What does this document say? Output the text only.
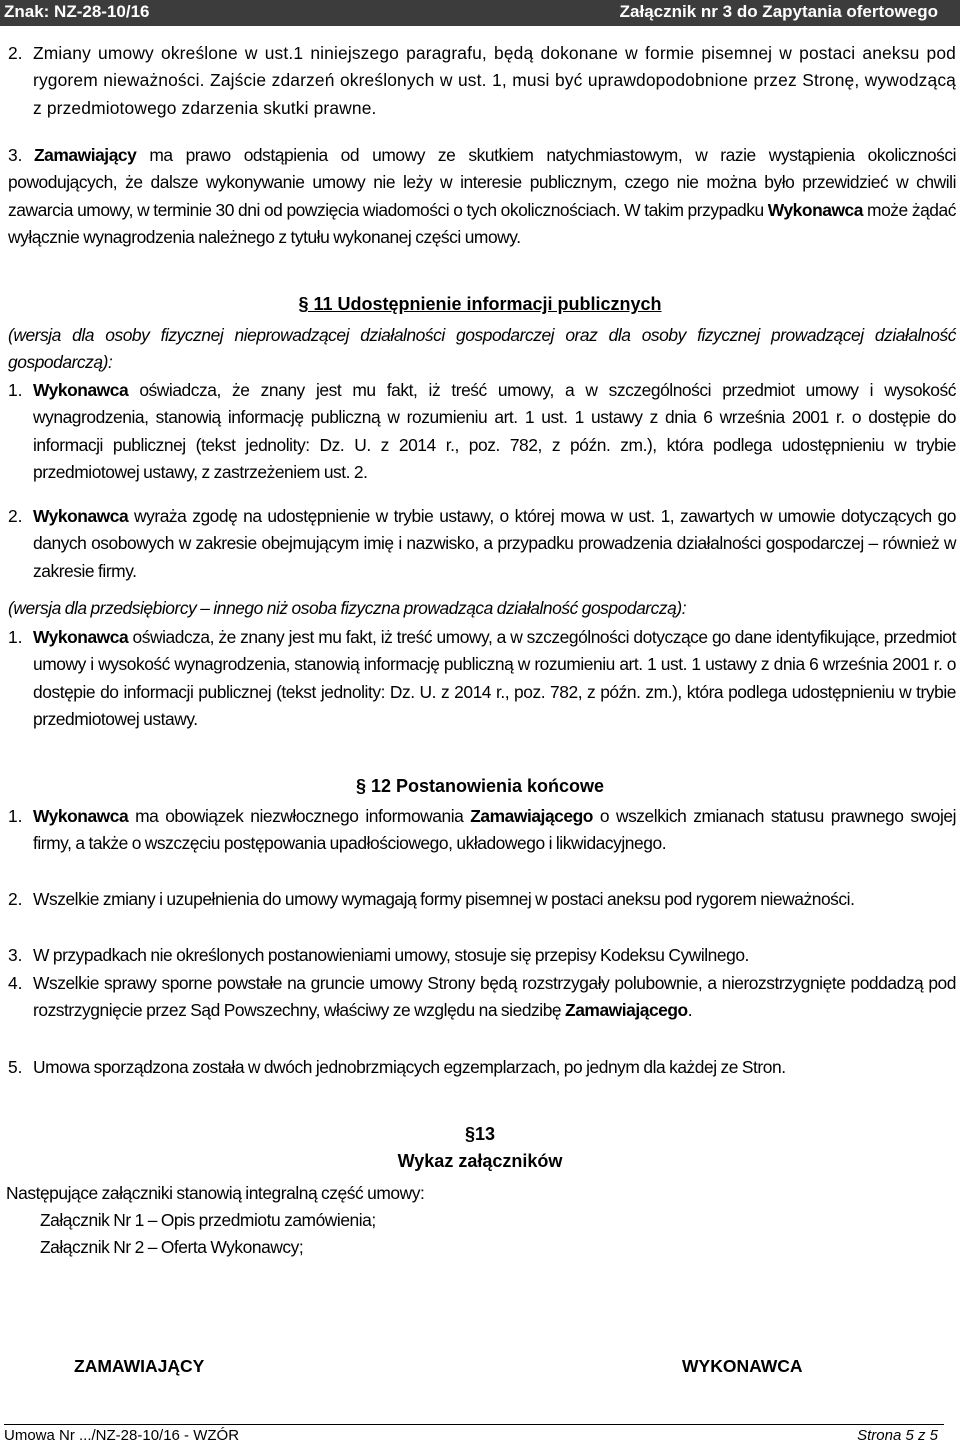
Znak: NZ-28-10/16	Załącznik nr 3 do Zapytania ofertowego
2. Zmiany umowy określone w ust.1 niniejszego paragrafu, będą dokonane w formie pisemnej w postaci aneksu pod rygorem nieważności. Zajście zdarzeń określonych w ust. 1, musi być uprawdopodobnione przez Stronę, wywodzącą z przedmiotowego zdarzenia skutki prawne.
3. Zamawiający ma prawo odstąpienia od umowy ze skutkiem natychmiastowym, w razie wystąpienia okoliczności powodujących, że dalsze wykonywanie umowy nie leży w interesie publicznym, czego nie można było przewidzieć w chwili zawarcia umowy, w terminie 30 dni od powzięcia wiadomości o tych okolicznościach. W takim przypadku Wykonawca może żądać wyłącznie wynagrodzenia należnego z tytułu wykonanej części umowy.
§ 11 Udostępnienie informacji publicznych
(wersja dla osoby fizycznej nieprowadzącej działalności gospodarczej oraz dla osoby fizycznej prowadzącej działalność gospodarczą):
1. Wykonawca oświadcza, że znany jest mu fakt, iż treść umowy, a w szczególności przedmiot umowy i wysokość wynagrodzenia, stanowią informację publiczną w rozumieniu art. 1 ust. 1 ustawy z dnia 6 września 2001 r. o dostępie do informacji publicznej (tekst jednolity: Dz. U. z 2014 r., poz. 782, z późn. zm.), która podlega udostępnieniu w trybie przedmiotowej ustawy, z zastrzeżeniem ust. 2.
2. Wykonawca wyraża zgodę na udostępnienie w trybie ustawy, o której mowa w ust. 1, zawartych w umowie dotyczących go danych osobowych w zakresie obejmującym imię i nazwisko, a przypadku prowadzenia działalności gospodarczej – również w zakresie firmy.
(wersja dla przedsiębiorcy – innego niż osoba fizyczna prowadząca działalność gospodarczą):
1. Wykonawca oświadcza, że znany jest mu fakt, iż treść umowy, a w szczególności dotyczące go dane identyfikujące, przedmiot umowy i wysokość wynagrodzenia, stanowią informację publiczną w rozumieniu art. 1 ust. 1 ustawy z dnia 6 września 2001 r. o dostępie do informacji publicznej (tekst jednolity: Dz. U. z 2014 r., poz. 782, z późn. zm.), która podlega udostępnieniu w trybie przedmiotowej ustawy.
§ 12 Postanowienia końcowe
1. Wykonawca ma obowiązek niezwłocznego informowania Zamawiającego o wszelkich zmianach statusu prawnego swojej firmy, a także o wszczęciu postępowania upadłościowego, układowego i likwidacyjnego.
2. Wszelkie zmiany i uzupełnienia do umowy wymagają formy pisemnej w postaci aneksu pod rygorem nieważności.
3. W przypadkach nie określonych postanowieniami umowy, stosuje się przepisy Kodeksu Cywilnego.
4. Wszelkie sprawy sporne powstałe na gruncie umowy Strony będą rozstrzygały polubownie, a nierozstrzygnięte poddadzą pod rozstrzygnięcie przez Sąd Powszechny, właściwy ze względu na siedzibę Zamawiającego.
5. Umowa sporządzona została w dwóch jednobrzmiących egzemplarzach, po jednym dla każdej ze Stron.
§13
Wykaz załączników
Następujące załączniki stanowią integralną część umowy:
Załącznik Nr 1 – Opis przedmiotu zamówienia;
Załącznik Nr 2 – Oferta Wykonawcy;
ZAMAWIAJĄCY	WYKONAWCA
Umowa Nr .../NZ-28-10/16 - WZÓR	Strona 5 z 5
